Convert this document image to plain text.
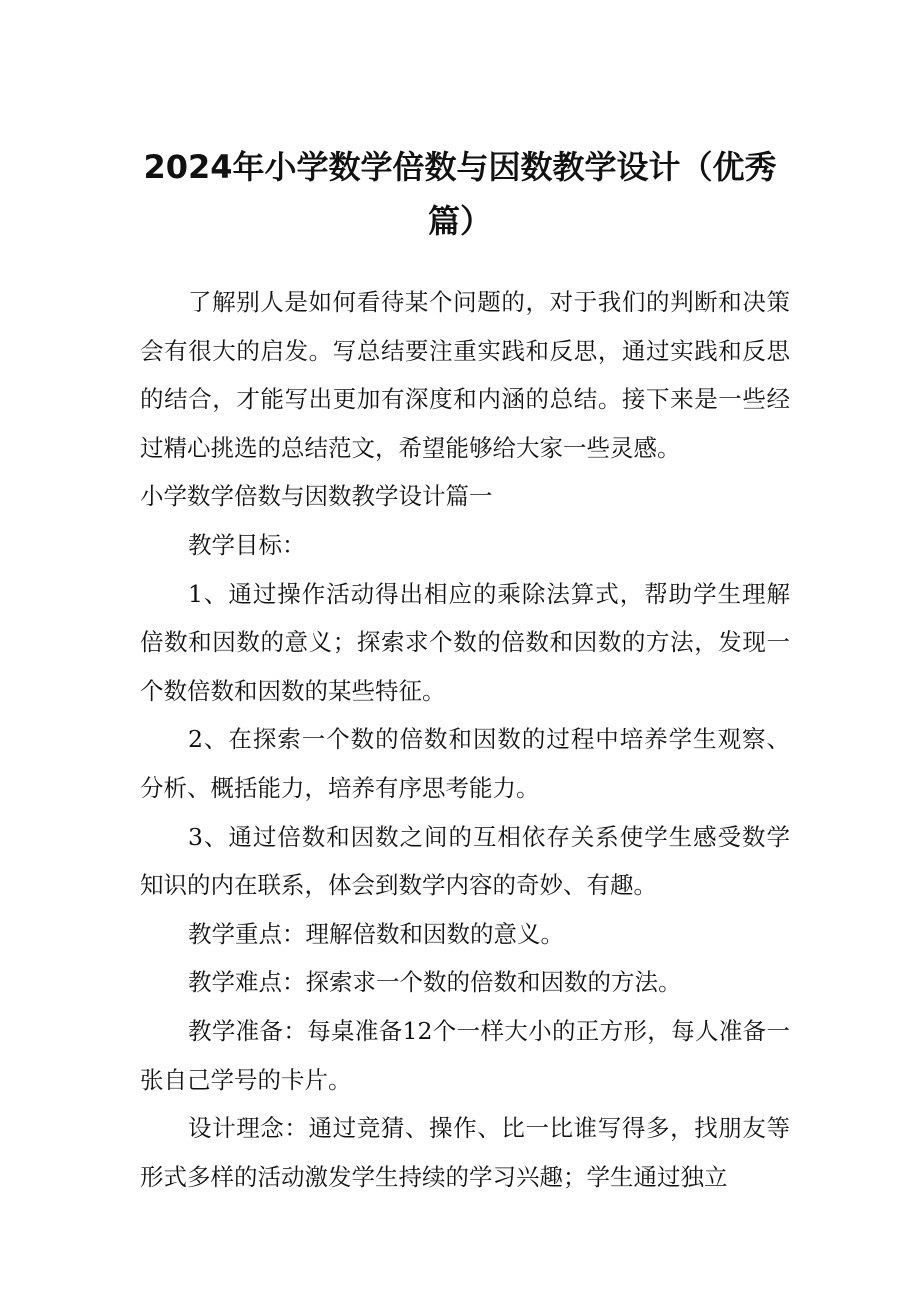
2024年小学数学倍数与因数教学设计（优秀篇）

了解别人是如何看待某个问题的，对于我们的判断和决策会有很大的启发。写总结要注重实践和反思，通过实践和反思的结合，才能写出更加有深度和内涵的总结。接下来是一些经过精心挑选的总结范文，希望能够给大家一些灵感。

小学数学倍数与因数教学设计篇一

教学目标：

1、通过操作活动得出相应的乘除法算式，帮助学生理解倍数和因数的意义；探索求个数的倍数和因数的方法，发现一个数倍数和因数的某些特征。

2、在探索一个数的倍数和因数的过程中培养学生观察、分析、概括能力，培养有序思考能力。

3、通过倍数和因数之间的互相依存关系使学生感受数学知识的内在联系，体会到数学内容的奇妙、有趣。

教学重点：理解倍数和因数的意义。

教学难点：探索求一个数的倍数和因数的方法。

教学准备：每桌准备12个一样大小的正方形，每人准备一张自己学号的卡片。

设计理念：通过竞猜、操作、比一比谁写得多，找朋友等形式多样的活动激发学生持续的学习兴趣；学生通过独立
